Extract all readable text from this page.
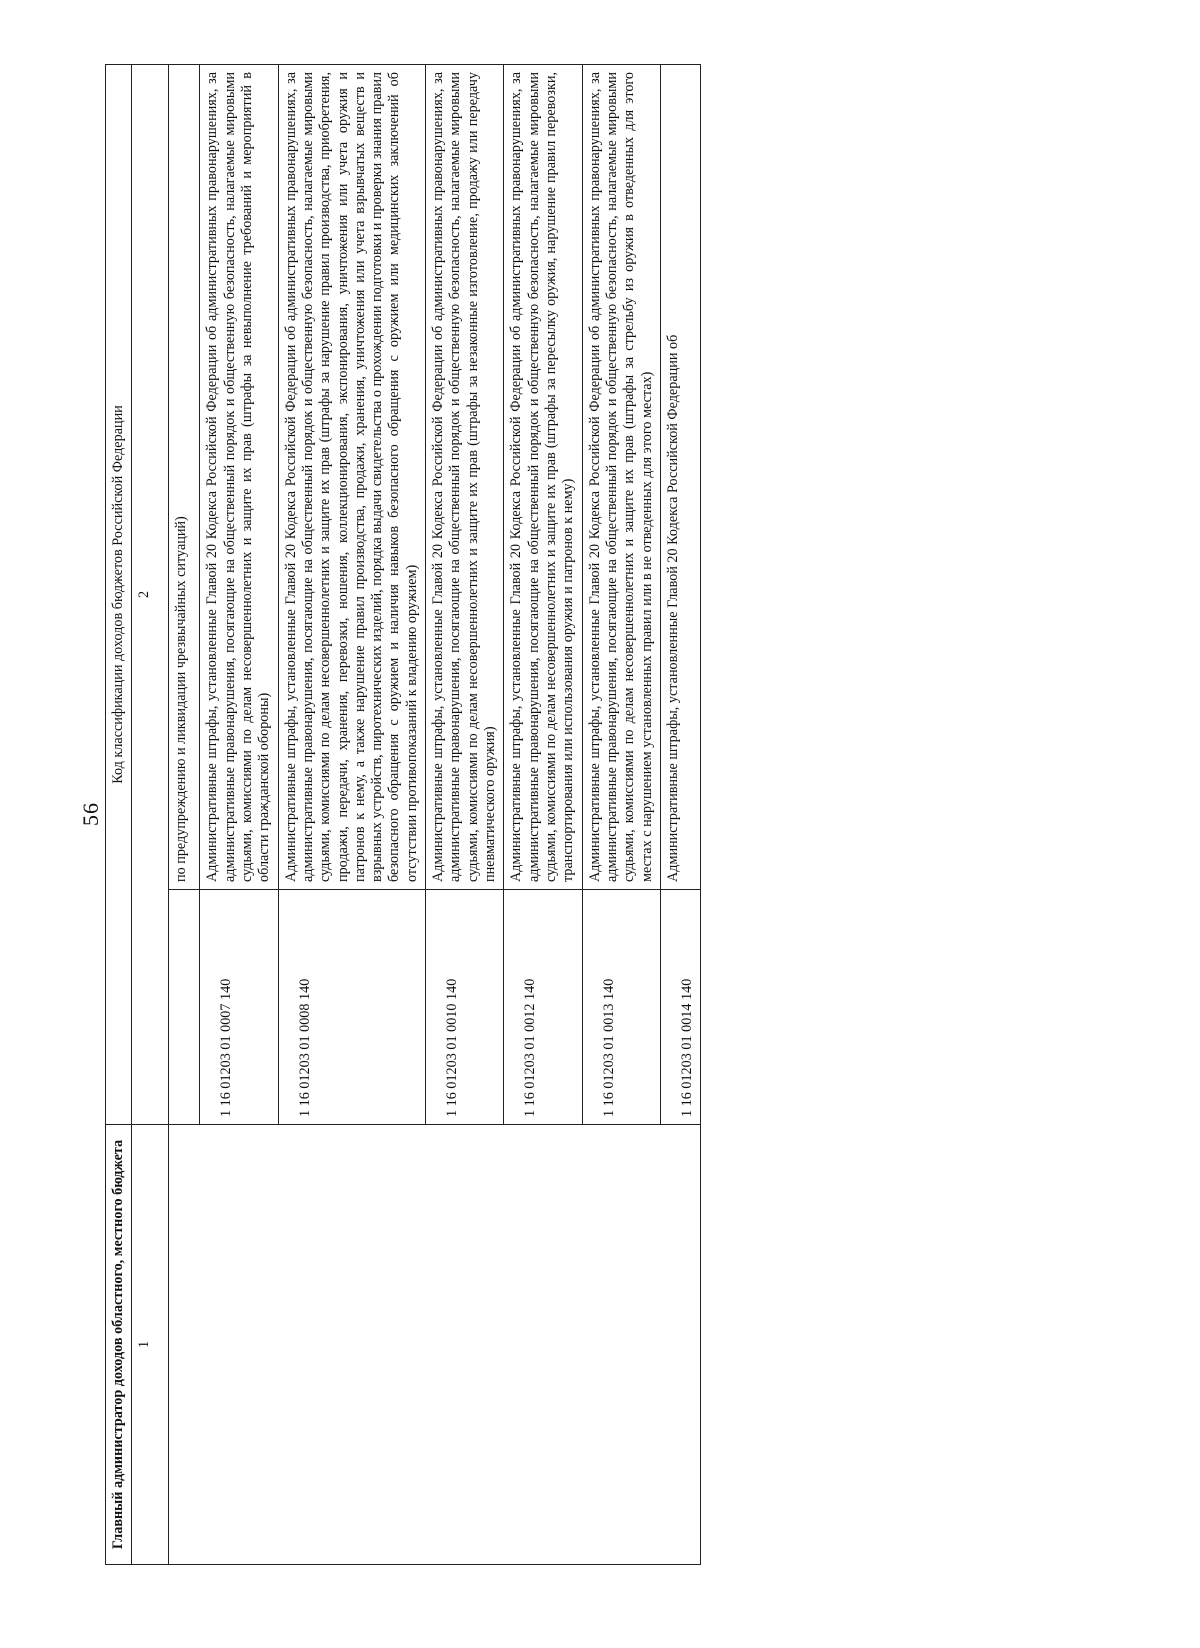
56
Главный администратор доходов областного, местного бюджета	Код классификации доходов бюджетов Российской Федерации	
1	2	
		по предупреждению и ликвидации чрезвычайных ситуаций)
	1 16 01203 01 0007 140	Административные штрафы, установленные Главой 20 Кодекса Российской Федерации об административных правонарушениях, за административные правонарушения, посягающие на общественный порядок и общественную безопасность, налагаемые мировыми судьями, комиссиями по делам несовершеннолетних и защите их прав (штрафы за невыполнение требований и мероприятий в области гражданской обороны)
	1 16 01203 01 0008 140	Административные штрафы, установленные Главой 20 Кодекса Российской Федерации об административных правонарушениях, за административные правонарушения, посягающие на общественный порядок и общественную безопасность, налагаемые мировыми судьями, комиссиями по делам несовершеннолетних и защите их прав (штрафы за нарушение правил производства, приобретения, продажи, передачи, хранения, перевозки, ношения, коллекционирования, экспонирования, уничтожения или учета оружия и патронов к нему, а также нарушение правил производства, продажи, хранения, уничтожения или учета взрывчатых веществ и взрывных устройств, пиротехнических изделий, порядка выдачи свидетельства о прохождении подготовки и проверки знания правил безопасного обращения с оружием и наличия навыков безопасного обращения с оружием или медицинских заключений об отсутствии противопоказаний к владению оружием)
	1 16 01203 01 0010 140	Административные штрафы, установленные Главой 20 Кодекса Российской Федерации об административных правонарушениях, за административные правонарушения, посягающие на общественный порядок и общественную безопасность, налагаемые мировыми судьями, комиссиями по делам несовершеннолетних и защите их прав (штрафы за незаконные изготовление, продажу или передачу пневматического оружия)
	1 16 01203 01 0012 140	Административные штрафы, установленные Главой 20 Кодекса Российской Федерации об административных правонарушениях, за административные правонарушения, посягающие на общественный порядок и общественную безопасность, налагаемые мировыми судьями, комиссиями по делам несовершеннолетних и защите их прав (штрафы за пересылку оружия, нарушение правил перевозки, транспортирования или использования оружия и патронов к нему)
	1 16 01203 01 0013 140	Административные штрафы, установленные Главой 20 Кодекса Российской Федерации об административных правонарушениях, за административные правонарушения, посягающие на общественный порядок и общественную безопасность, налагаемые мировыми судьями, комиссиями по делам несовершеннолетних и защите их прав (штрафы за стрельбу из оружия в отведенных для этого местах с нарушением установленных правил или в не отведенных для этого местах)
	1 16 01203 01 0014 140	Административные штрафы, установленные Главой 20 Кодекса Российской Федерации об
